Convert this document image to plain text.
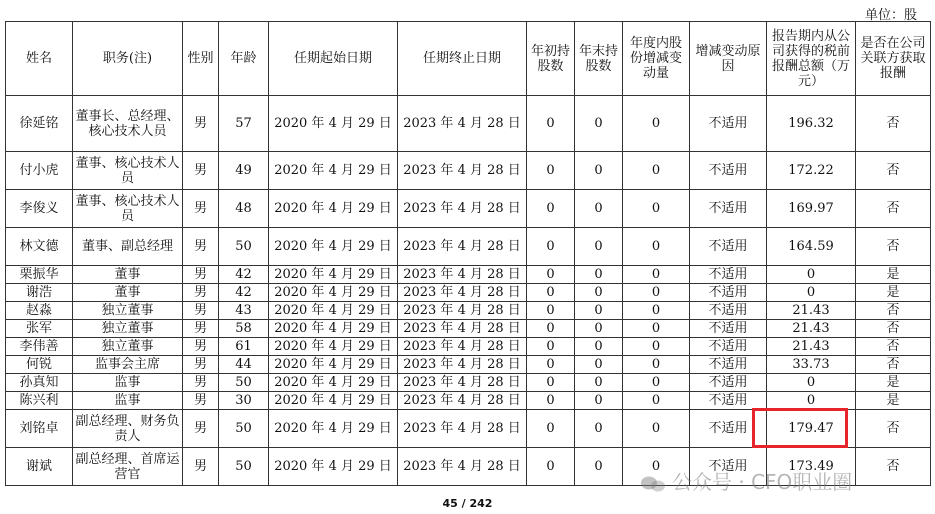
单位：股
姓名	职务(注)	性别	年龄	任期起始日期	任期终止日期	年初持股数	年末持股数	年度内股份增减变动量	增减变动原因	报告期内从公司获得的税前报酬总额（万元）	是否在公司关联方获取报酬
徐延铭	董事长、总经理、核心技术人员	男	57	2020 年 4 月 29 日	2023 年 4 月 28 日	0	0	0	不适用	196.32	否
付小虎	董事、核心技术人员	男	49	2020 年 4 月 29 日	2023 年 4 月 28 日	0	0	0	不适用	172.22	否
李俊义	董事、核心技术人员	男	48	2020 年 4 月 29 日	2023 年 4 月 28 日	0	0	0	不适用	169.97	否
林文德	董事、副总经理	男	50	2020 年 4 月 29 日	2023 年 4 月 28 日	0	0	0	不适用	164.59	否
栗振华	董事	男	42	2020 年 4 月 29 日	2023 年 4 月 28 日	0	0	0	不适用	0	是
谢浩	董事	男	42	2020 年 4 月 29 日	2023 年 4 月 28 日	0	0	0	不适用	0	是
赵淼	独立董事	男	43	2020 年 4 月 29 日	2023 年 4 月 28 日	0	0	0	不适用	21.43	否
张军	独立董事	男	58	2020 年 4 月 29 日	2023 年 4 月 28 日	0	0	0	不适用	21.43	否
李伟善	独立董事	男	61	2020 年 4 月 29 日	2023 年 4 月 28 日	0	0	0	不适用	21.43	否
何锐	监事会主席	男	44	2020 年 4 月 29 日	2023 年 4 月 28 日	0	0	0	不适用	33.73	否
孙真知	监事	男	50	2020 年 4 月 29 日	2023 年 4 月 28 日	0	0	0	不适用	0	是
陈兴利	监事	男	30	2020 年 4 月 29 日	2023 年 4 月 28 日	0	0	0	不适用	0	是
刘铭卓	副总经理、财务负责人	男	50	2020 年 4 月 29 日	2023 年 4 月 28 日	0	0	0	不适用	179.47	否
谢斌	副总经理、首席运营官	男	50	2020 年 4 月 29 日	2023 年 4 月 28 日	0	0	0	不适用	173.49	否
公众号 · CFO职业圈
45 / 242
